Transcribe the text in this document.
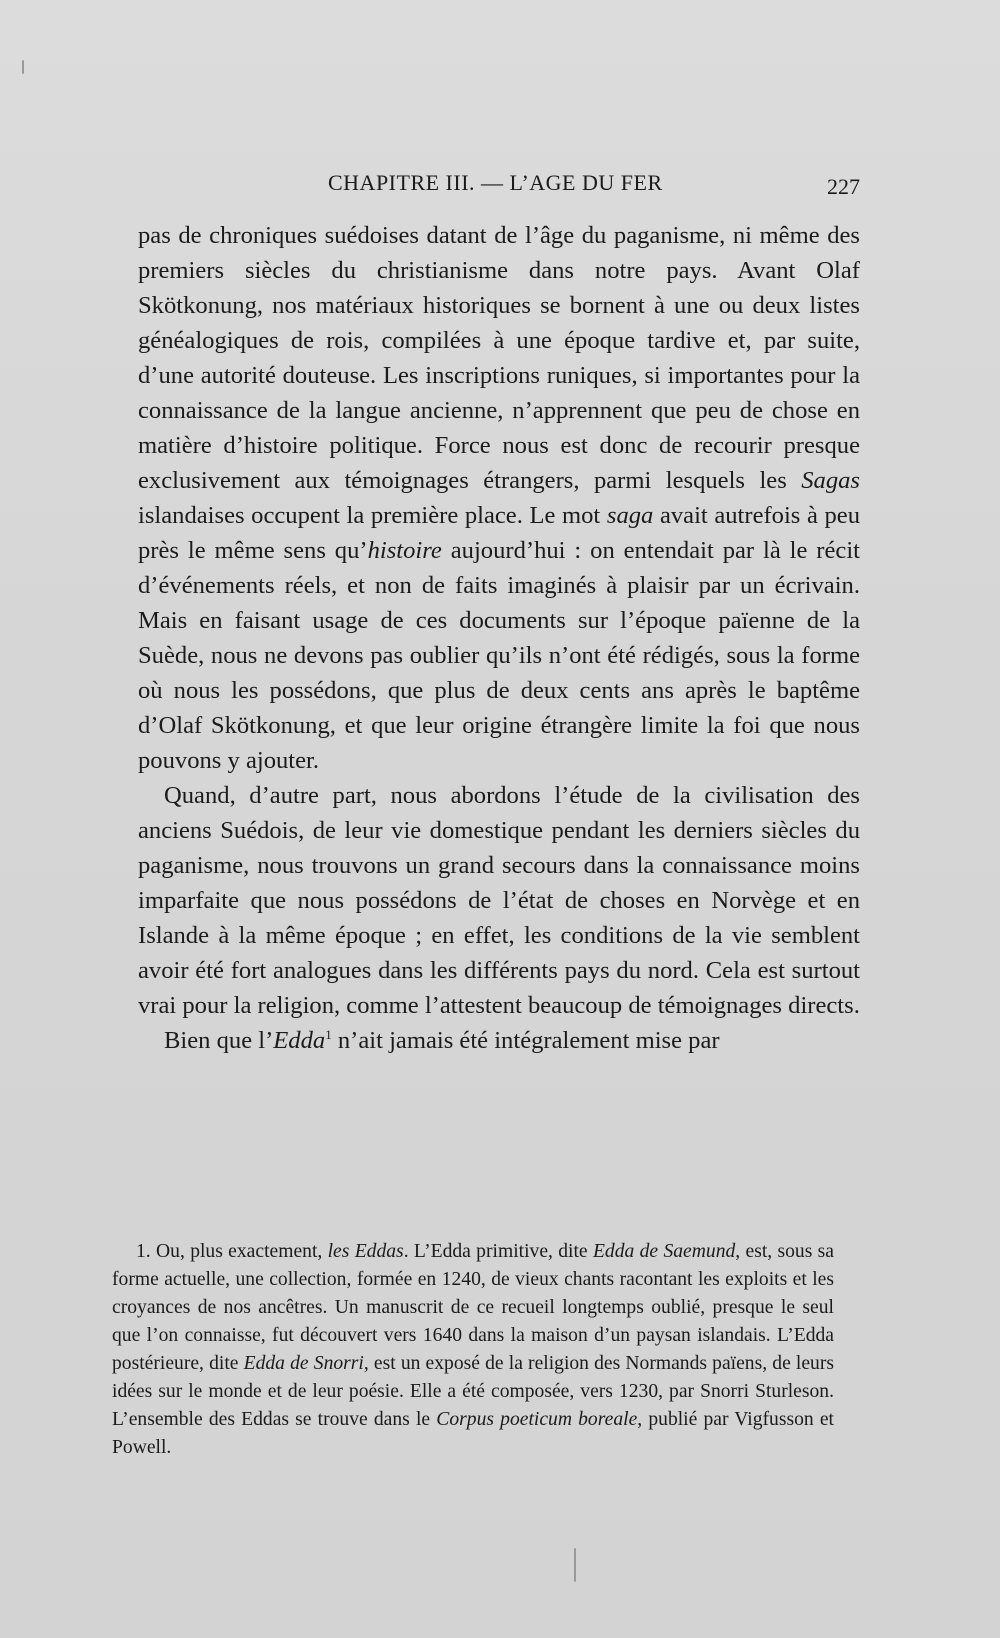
CHAPITRE III. — L’AGE DU FER	227

pas de chroniques suédoises datant de l’âge du paganisme, ni même des premiers siècles du christianisme dans notre pays. Avant Olaf Skötkonung, nos matériaux historiques se bornent à une ou deux listes généalogiques de rois, compilées à une époque tardive et, par suite, d’une autorité douteuse. Les inscriptions runiques, si importantes pour la connaissance de la langue ancienne, n’apprennent que peu de chose en matière d’histoire politique. Force nous est donc de recourir presque exclusivement aux témoignages étrangers, parmi lesquels les Sagas islandaises occupent la première place. Le mot saga avait autrefois à peu près le même sens qu’histoire aujourd’hui : on entendait par là le récit d’événements réels, et non de faits imaginés à plaisir par un écrivain. Mais en faisant usage de ces documents sur l’époque païenne de la Suède, nous ne devons pas oublier qu’ils n’ont été rédigés, sous la forme où nous les possédons, que plus de deux cents ans après le baptême d’Olaf Skötkonung, et que leur origine étrangère limite la foi que nous pouvons y ajouter.

Quand, d’autre part, nous abordons l’étude de la civilisation des anciens Suédois, de leur vie domestique pendant les derniers siècles du paganisme, nous trouvons un grand secours dans la connaissance moins imparfaite que nous possédons de l’état de choses en Norvège et en Islande à la même époque ; en effet, les conditions de la vie semblent avoir été fort analogues dans les différents pays du nord. Cela est surtout vrai pour la religion, comme l’attestent beaucoup de témoignages directs.

Bien que l’Edda$^1$ n’ait jamais été intégralement mise par

1. Ou, plus exactement, les Eddas. L’Edda primitive, dite Edda de Saemund, est, sous sa forme actuelle, une collection, formée en 1240, de vieux chants racontant les exploits et les croyances de nos ancêtres. Un manuscrit de ce recueil longtemps oublié, presque le seul que l’on connaisse, fut découvert vers 1640 dans la maison d’un paysan islandais. L’Edda postérieure, dite Edda de Snorri, est un exposé de la religion des Normands païens, de leurs idées sur le monde et de leur poésie. Elle a été composée, vers 1230, par Snorri Sturleson. L’ensemble des Eddas se trouve dans le Corpus poeticum boreale, publié par Vigfusson et Powell.
